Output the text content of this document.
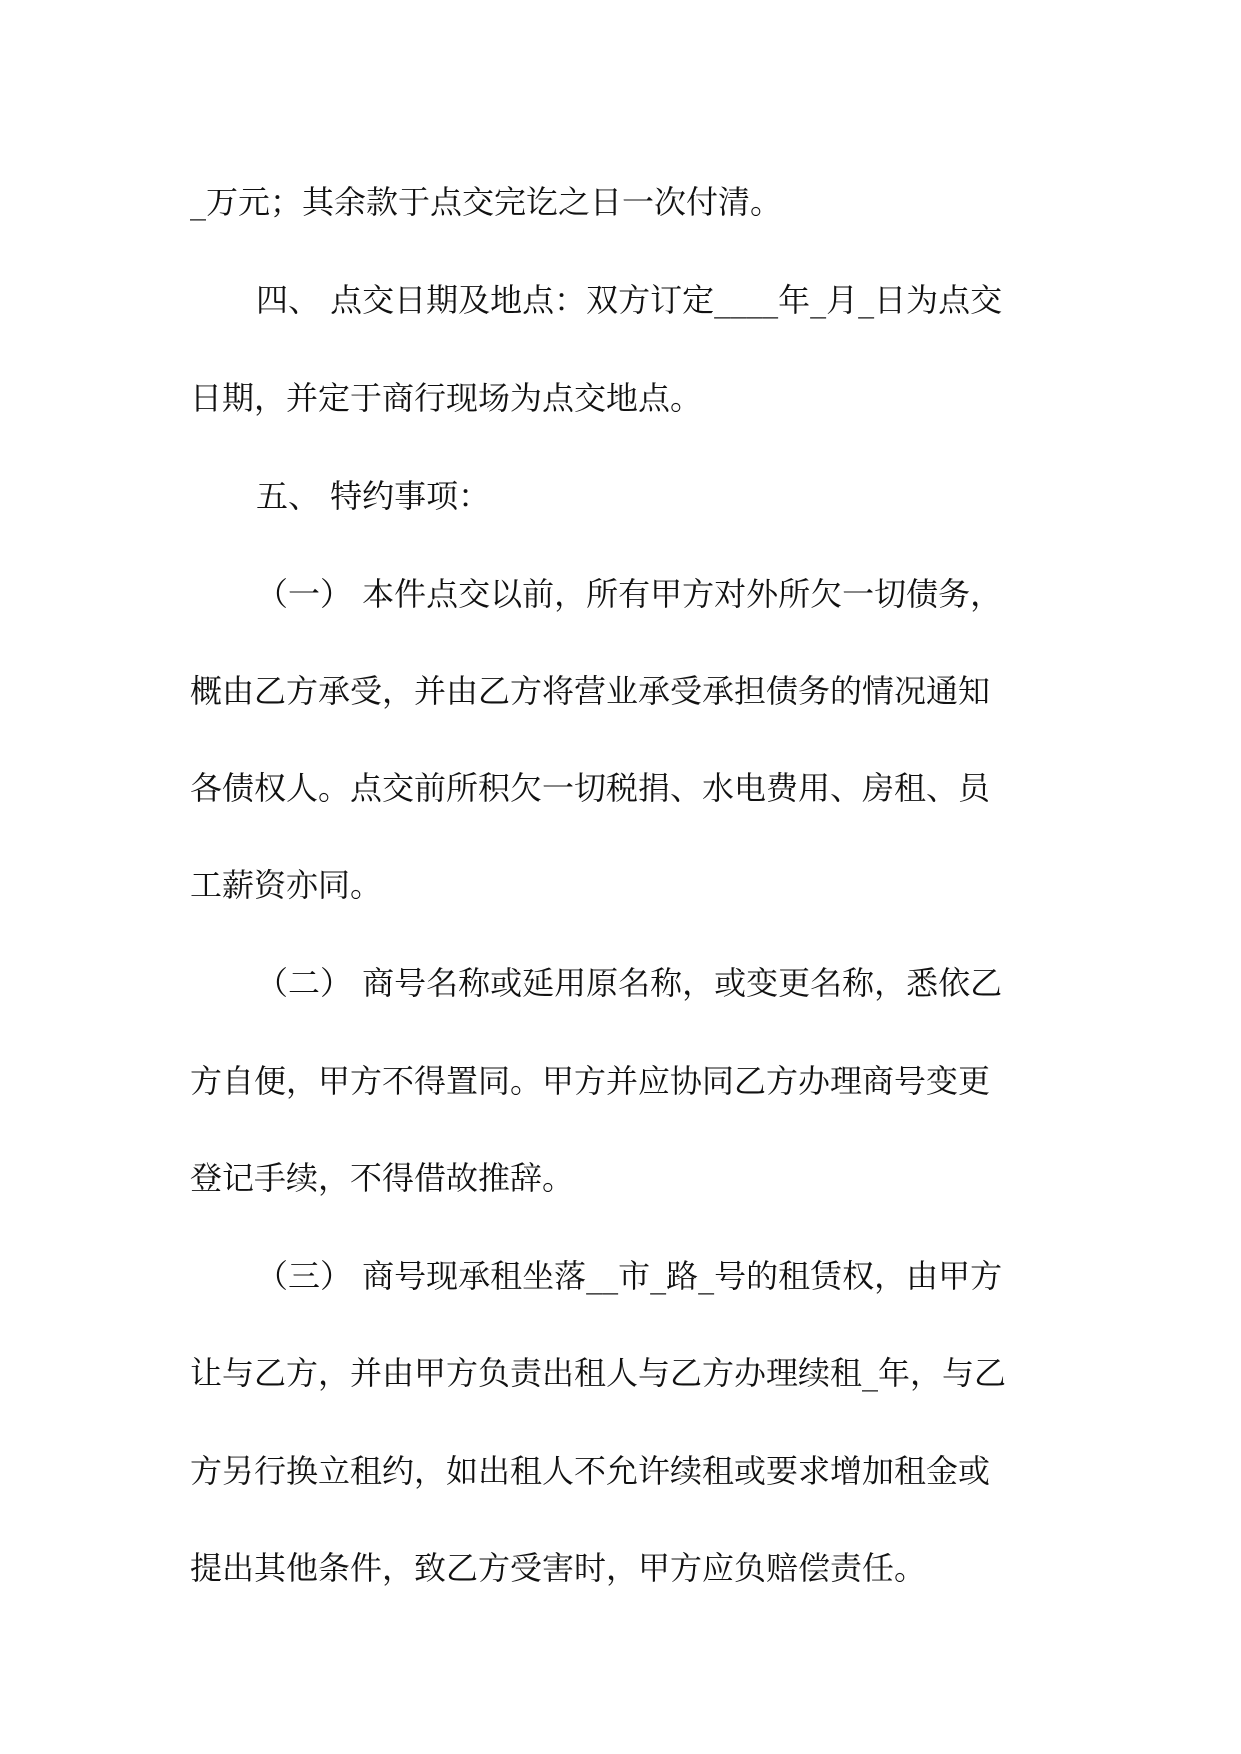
_万元；其余款于点交完讫之日一次付清。

四、 点交日期及地点：双方订定____年_月_日为点交

日期，并定于商行现场为点交地点。

五、 特约事项：

（一） 本件点交以前，所有甲方对外所欠一切债务，

概由乙方承受，并由乙方将营业承受承担债务的情况通知

各债权人。点交前所积欠一切税捐、水电费用、房租、员

工薪资亦同。

（二） 商号名称或延用原名称，或变更名称，悉依乙

方自便，甲方不得置同。甲方并应协同乙方办理商号变更

登记手续，不得借故推辞。

（三） 商号现承租坐落__市_路_号的租赁权，由甲方

让与乙方，并由甲方负责出租人与乙方办理续租_年，与乙

方另行换立租约，如出租人不允许续租或要求增加租金或

提出其他条件，致乙方受害时，甲方应负赔偿责任。
